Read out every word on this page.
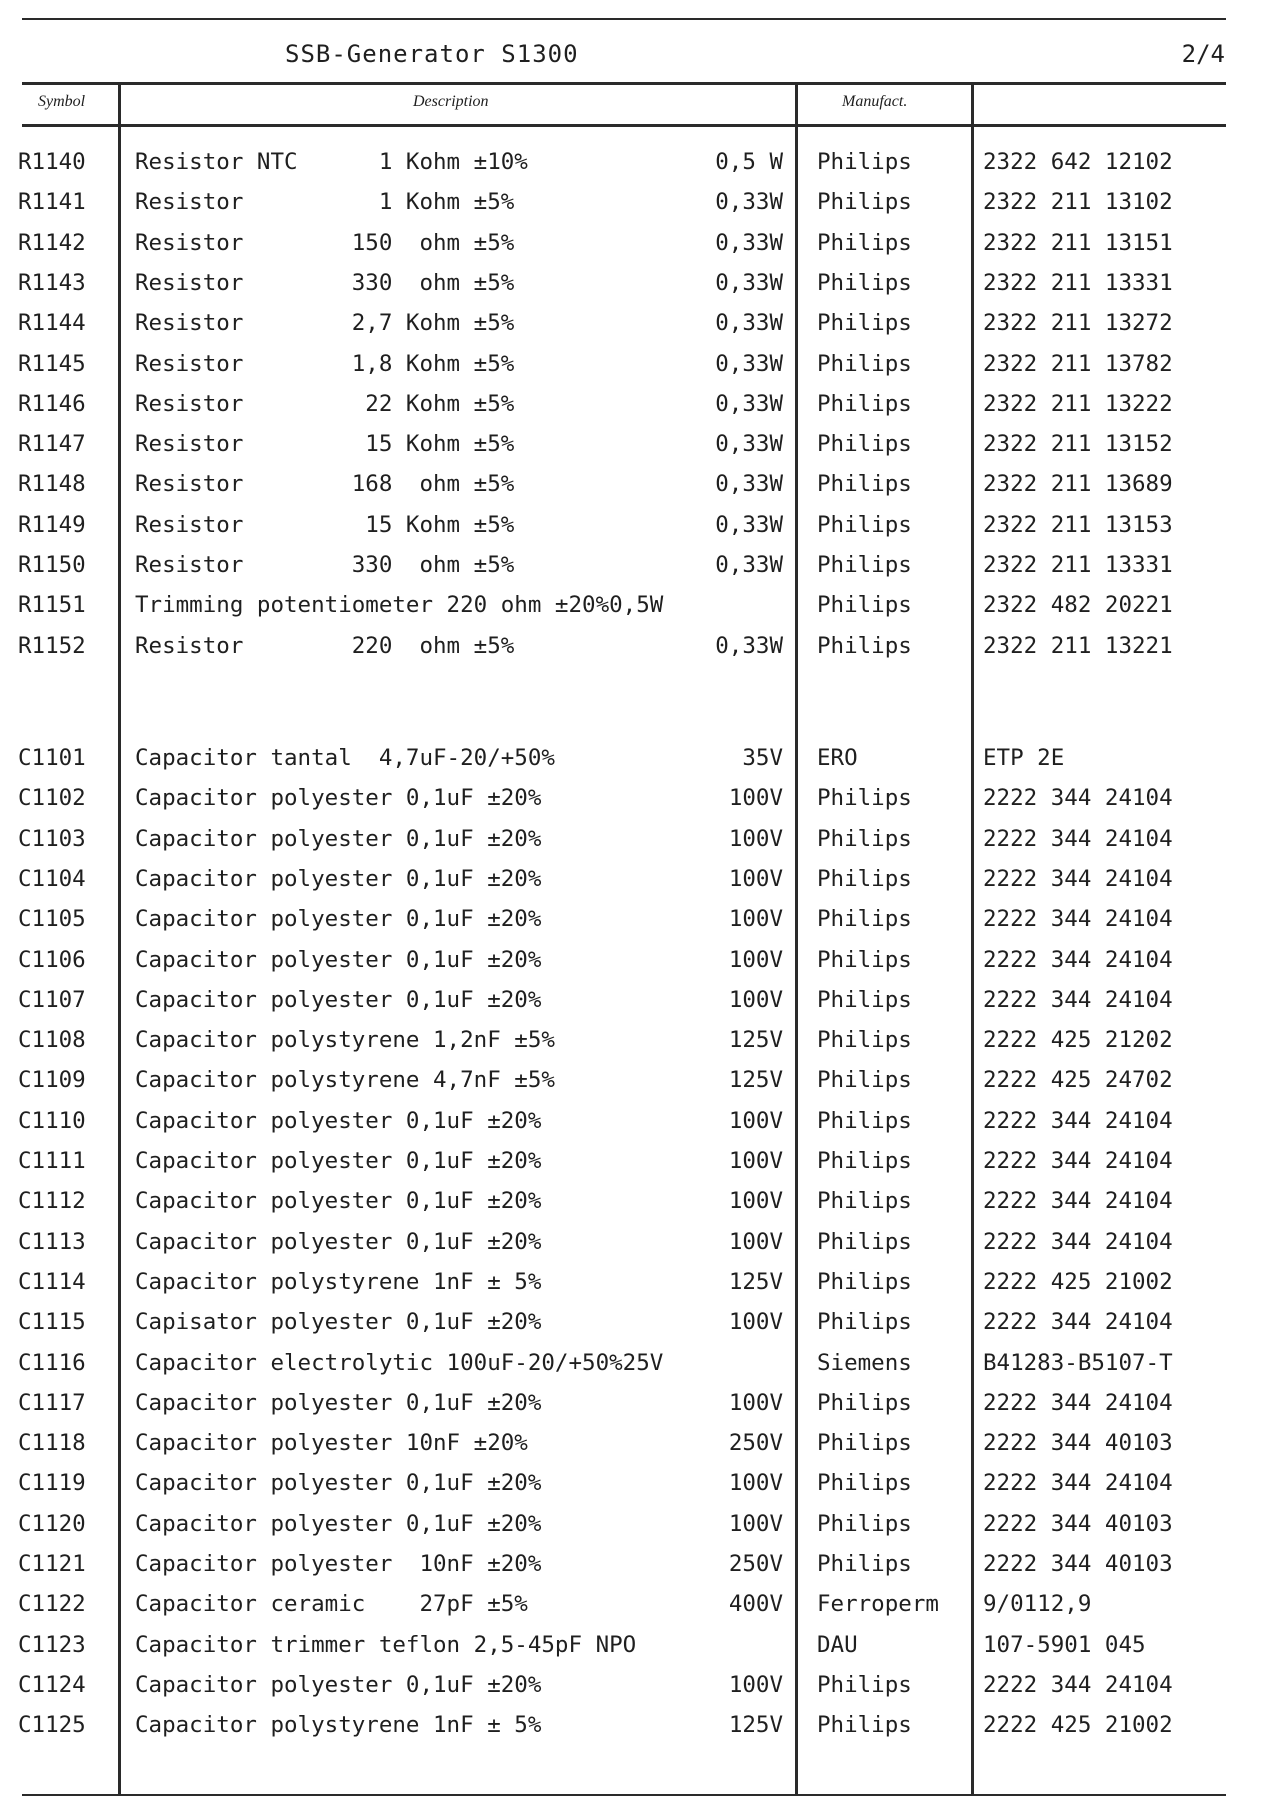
SSB-Generator S1300	2/4
Symbol	Description	Manufact.
R1140 Resistor NTC      1 Kohm ±10%	0,5 W Philips	2322 642 12102
R1141 Resistor          1 Kohm ±5%	0,33W Philips	2322 211 13102
R1142 Resistor        150  ohm ±5%	0,33W Philips	2322 211 13151
R1143 Resistor        330  ohm ±5%	0,33W Philips	2322 211 13331
R1144 Resistor        2,7 Kohm ±5%	0,33W Philips	2322 211 13272
R1145 Resistor        1,8 Kohm ±5%	0,33W Philips	2322 211 13782
R1146 Resistor         22 Kohm ±5%	0,33W Philips	2322 211 13222
R1147 Resistor         15 Kohm ±5%	0,33W Philips	2322 211 13152
R1148 Resistor        168  ohm ±5%	0,33W Philips	2322 211 13689
R1149 Resistor         15 Kohm ±5%	0,33W Philips	2322 211 13153
R1150 Resistor        330  ohm ±5%	0,33W Philips	2322 211 13331
R1151 Trimming potentiometer 220 ohm ±20%0,5W	Philips	2322 482 20221
R1152 Resistor        220  ohm ±5%	0,33W Philips	2322 211 13221
C1101 Capacitor tantal  4,7uF-20/+50%	35V ERO	ETP 2E
C1102 Capacitor polyester 0,1uF ±20%	100V Philips	2222 344 24104
C1103 Capacitor polyester 0,1uF ±20%	100V Philips	2222 344 24104
C1104 Capacitor polyester 0,1uF ±20%	100V Philips	2222 344 24104
C1105 Capacitor polyester 0,1uF ±20%	100V Philips	2222 344 24104
C1106 Capacitor polyester 0,1uF ±20%	100V Philips	2222 344 24104
C1107 Capacitor polyester 0,1uF ±20%	100V Philips	2222 344 24104
C1108 Capacitor polystyrene 1,2nF ±5%	125V Philips	2222 425 21202
C1109 Capacitor polystyrene 4,7nF ±5%	125V Philips	2222 425 24702
C1110 Capacitor polyester 0,1uF ±20%	100V Philips	2222 344 24104
C1111 Capacitor polyester 0,1uF ±20%	100V Philips	2222 344 24104
C1112 Capacitor polyester 0,1uF ±20%	100V Philips	2222 344 24104
C1113 Capacitor polyester 0,1uF ±20%	100V Philips	2222 344 24104
C1114 Capacitor polystyrene 1nF ± 5%	125V Philips	2222 425 21002
C1115 Capisator polyester 0,1uF ±20%	100V Philips	2222 344 24104
C1116 Capacitor electrolytic 100uF-20/+50%25V	Siemens	B41283-B5107-T
C1117 Capacitor polyester 0,1uF ±20%	100V Philips	2222 344 24104
C1118 Capacitor polyester 10nF ±20%	250V Philips	2222 344 40103
C1119 Capacitor polyester 0,1uF ±20%	100V Philips	2222 344 24104
C1120 Capacitor polyester 0,1uF ±20%	100V Philips	2222 344 40103
C1121 Capacitor polyester  10nF ±20%	250V Philips	2222 344 40103
C1122 Capacitor ceramic    27pF ±5%	400V Ferroperm 9/0112,9
C1123 Capacitor trimmer teflon 2,5-45pF NPO	DAU	107-5901 045
C1124 Capacitor polyester 0,1uF ±20%	100V Philips	2222 344 24104
C1125 Capacitor polystyrene 1nF ± 5%	125V Philips	2222 425 21002
